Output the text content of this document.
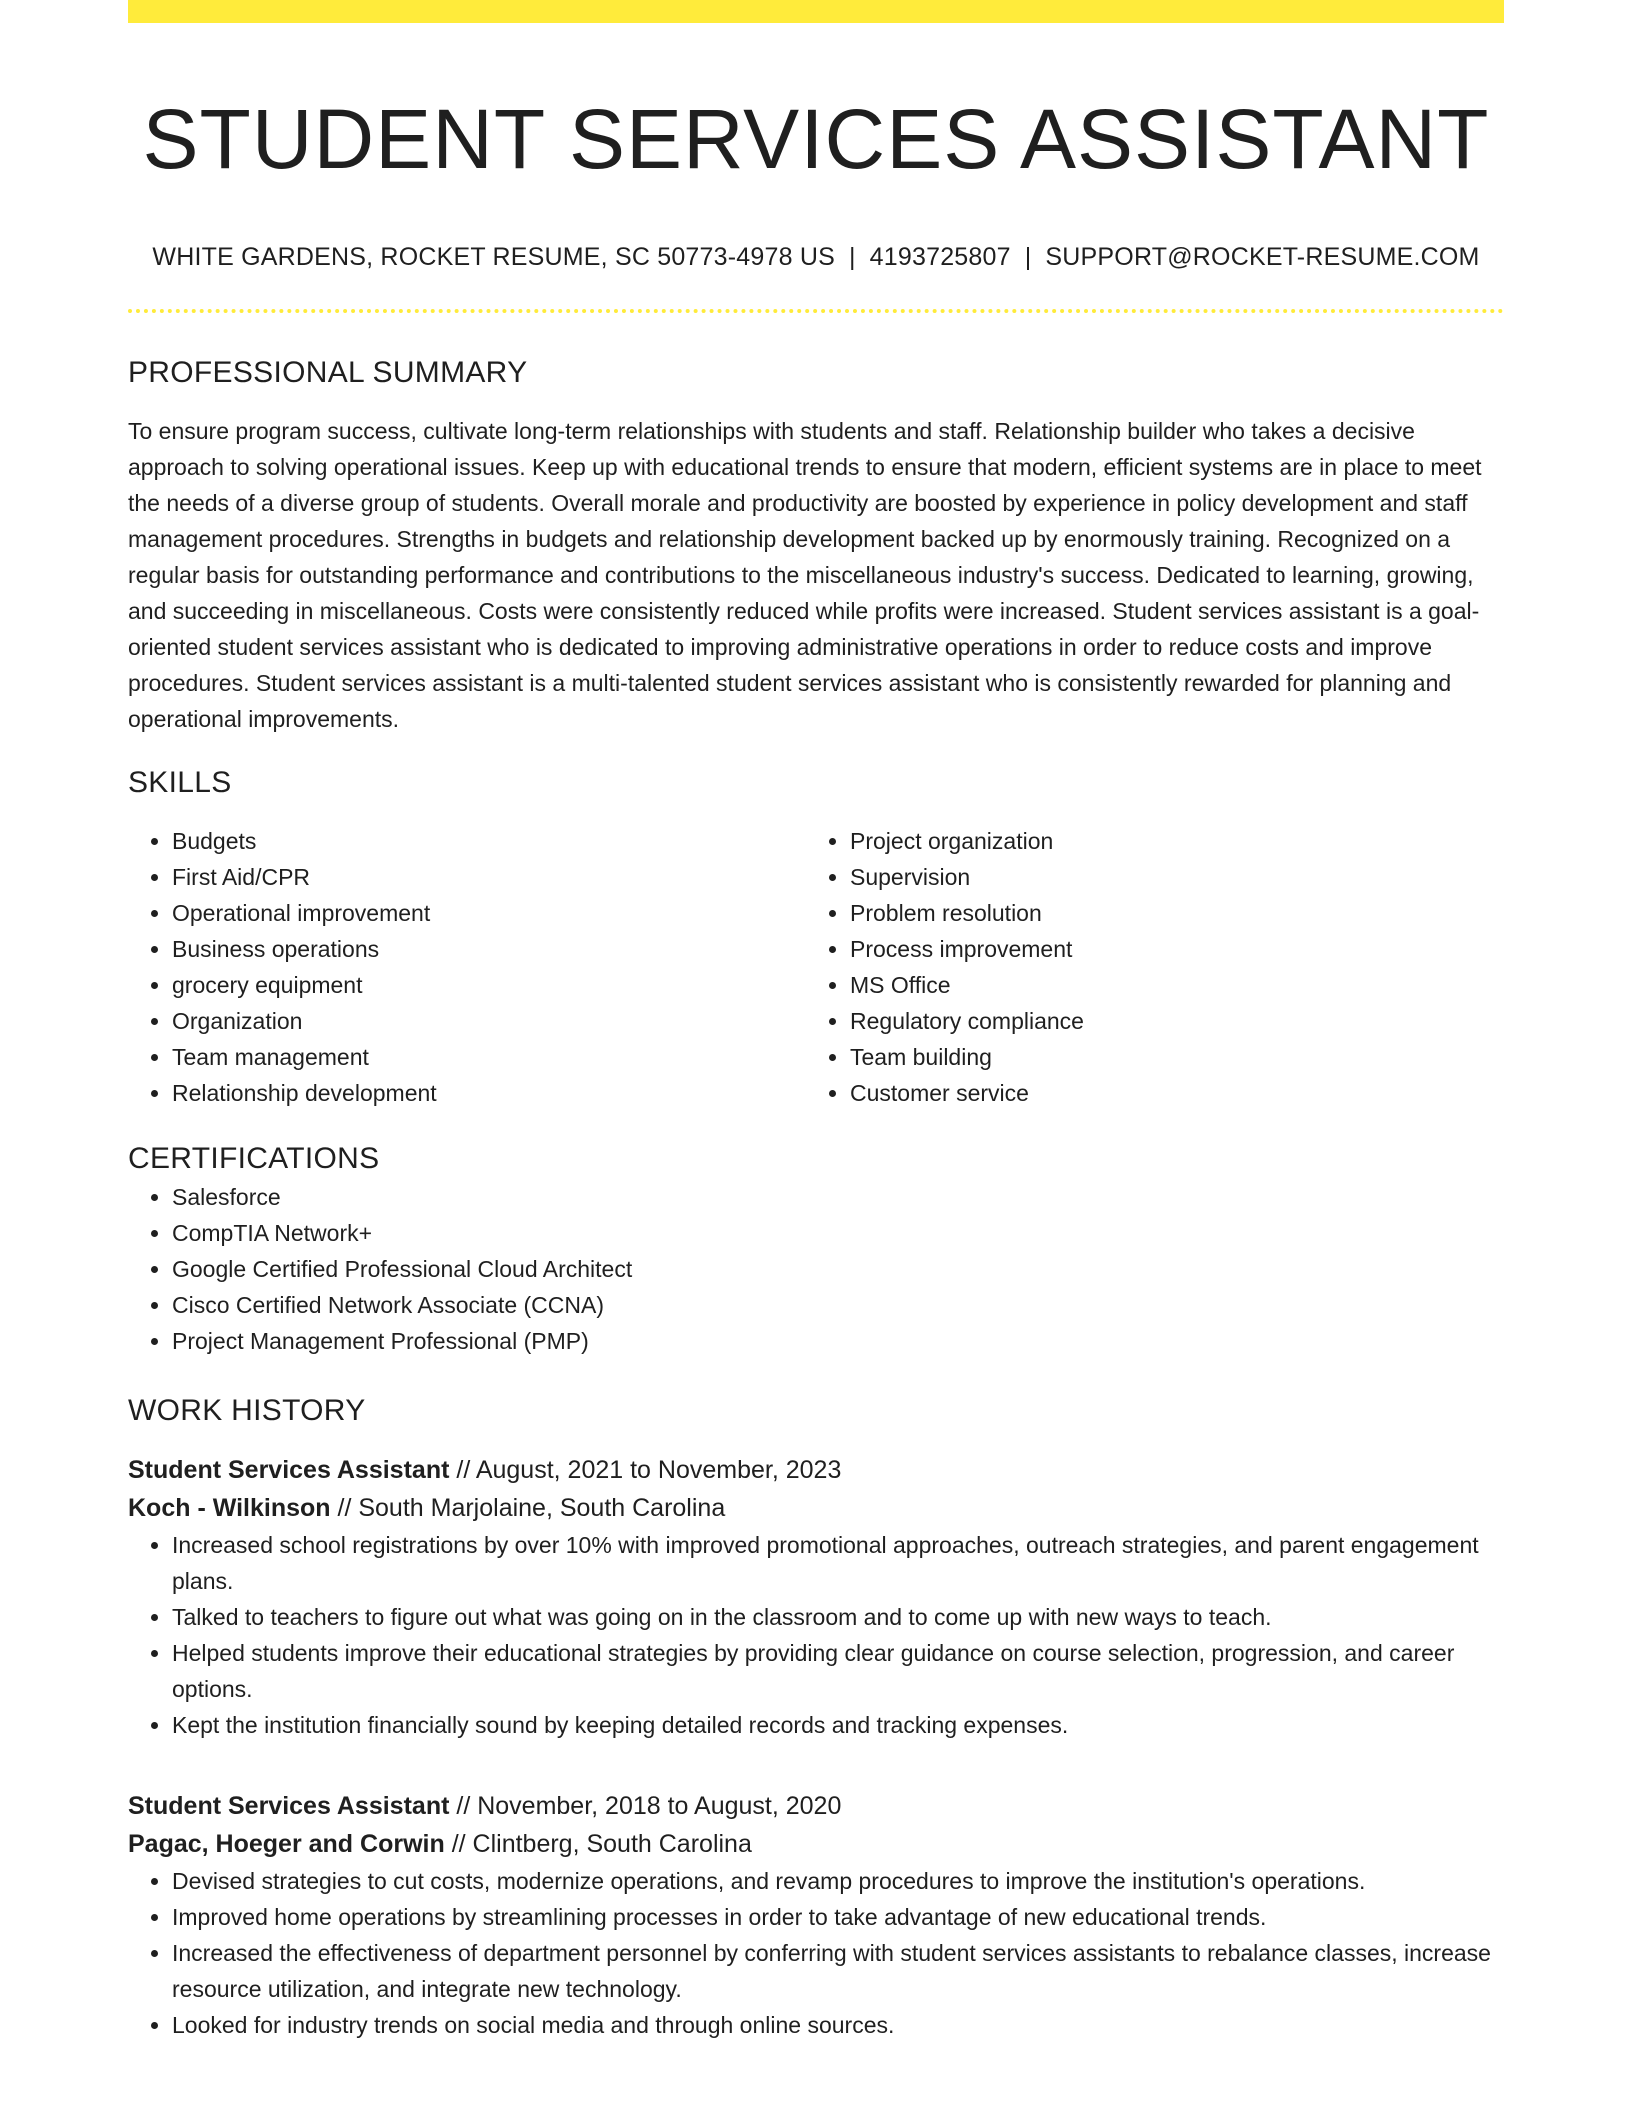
STUDENT SERVICES ASSISTANT
WHITE GARDENS, ROCKET RESUME, SC 50773-4978 US | 4193725807 | SUPPORT@ROCKET-RESUME.COM
PROFESSIONAL SUMMARY

To ensure program success, cultivate long-term relationships with students and staff. Relationship builder who takes a decisive approach to solving operational issues. Keep up with educational trends to ensure that modern, efficient systems are in place to meet the needs of a diverse group of students. Overall morale and productivity are boosted by experience in policy development and staff management procedures. Strengths in budgets and relationship development backed up by enormously training. Recognized on a regular basis for outstanding performance and contributions to the miscellaneous industry's success. Dedicated to learning, growing, and succeeding in miscellaneous. Costs were consistently reduced while profits were increased. Student services assistant is a goal-oriented student services assistant who is dedicated to improving administrative operations in order to reduce costs and improve procedures. Student services assistant is a multi-talented student services assistant who is consistently rewarded for planning and operational improvements.

SKILLS
• Budgets
• First Aid/CPR
• Operational improvement
• Business operations
• grocery equipment
• Organization
• Team management
• Relationship development
• Project organization
• Supervision
• Problem resolution
• Process improvement
• MS Office
• Regulatory compliance
• Team building
• Customer service
CERTIFICATIONS
• Salesforce
• CompTIA Network+
• Google Certified Professional Cloud Architect
• Cisco Certified Network Associate (CCNA)
• Project Management Professional (PMP)
WORK HISTORY
Student Services Assistant // August, 2021 to November, 2023
Koch - Wilkinson // South Marjolaine, South Carolina
• Increased school registrations by over 10% with improved promotional approaches, outreach strategies, and parent engagement plans.
• Talked to teachers to figure out what was going on in the classroom and to come up with new ways to teach.
• Helped students improve their educational strategies by providing clear guidance on course selection, progression, and career options.
• Kept the institution financially sound by keeping detailed records and tracking expenses.
Student Services Assistant // November, 2018 to August, 2020
Pagac, Hoeger and Corwin // Clintberg, South Carolina
• Devised strategies to cut costs, modernize operations, and revamp procedures to improve the institution's operations.
• Improved home operations by streamlining processes in order to take advantage of new educational trends.
• Increased the effectiveness of department personnel by conferring with student services assistants to rebalance classes, increase resource utilization, and integrate new technology.
• Looked for industry trends on social media and through online sources.
